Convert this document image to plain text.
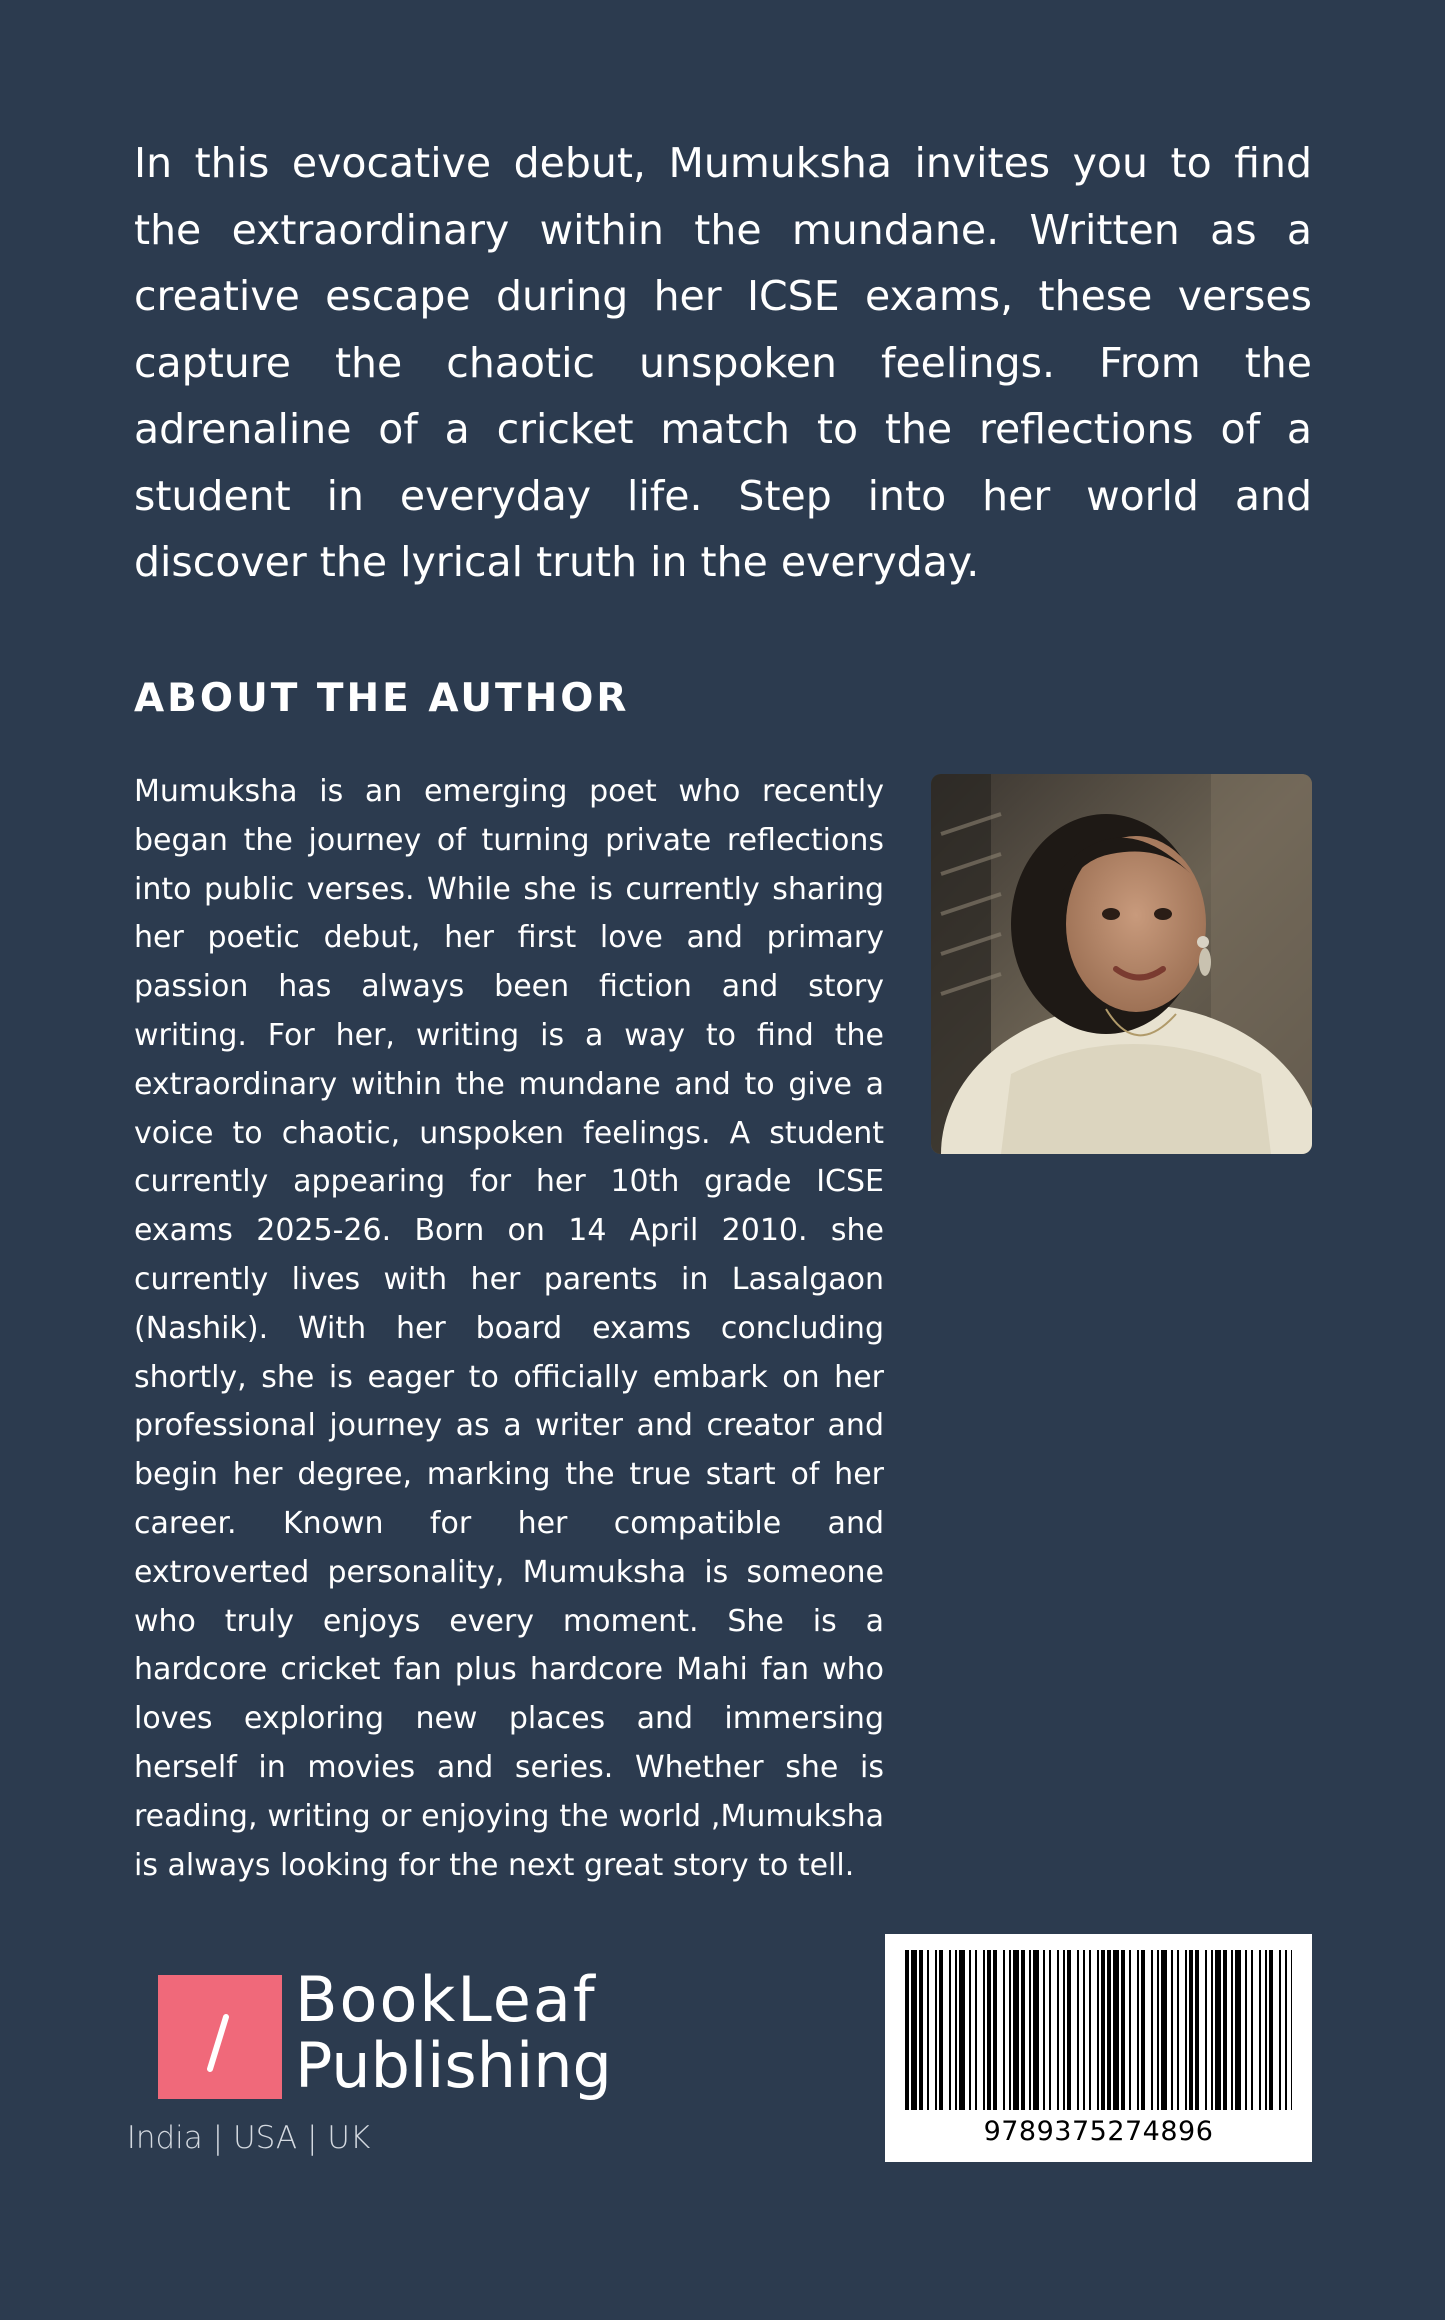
In this evocative debut, Mumuksha invites you to find the extraordinary within the mundane. Written as a creative escape during her ICSE exams, these verses capture the chaotic unspoken feelings. From the adrenaline of a cricket match to the reflections of a student in everyday life. Step into her world and discover the lyrical truth in the everyday.

ABOUT THE AUTHOR

Mumuksha is an emerging poet who recently began the journey of turning private reflections into public verses. While she is currently sharing her poetic debut, her first love and primary passion has always been fiction and story writing. For her, writing is a way to find the extraordinary within the mundane and to give a voice to chaotic, unspoken feelings. A student currently appearing for her 10th grade ICSE exams 2025-26. Born on 14 April 2010. she currently lives with her parents in Lasalgaon (Nashik). With her board exams concluding shortly, she is eager to officially embark on her professional journey as a writer and creator and begin her degree, marking the true start of her career. Known for her compatible and extroverted personality, Mumuksha is someone who truly enjoys every moment. She is a hardcore cricket fan plus hardcore Mahi fan who loves exploring new places and immersing herself in movies and series. Whether she is reading, writing or enjoying the world ,Mumuksha is always looking for the next great story to tell.

BookLeaf
Publishing
India | USA | UK	9789375274896
